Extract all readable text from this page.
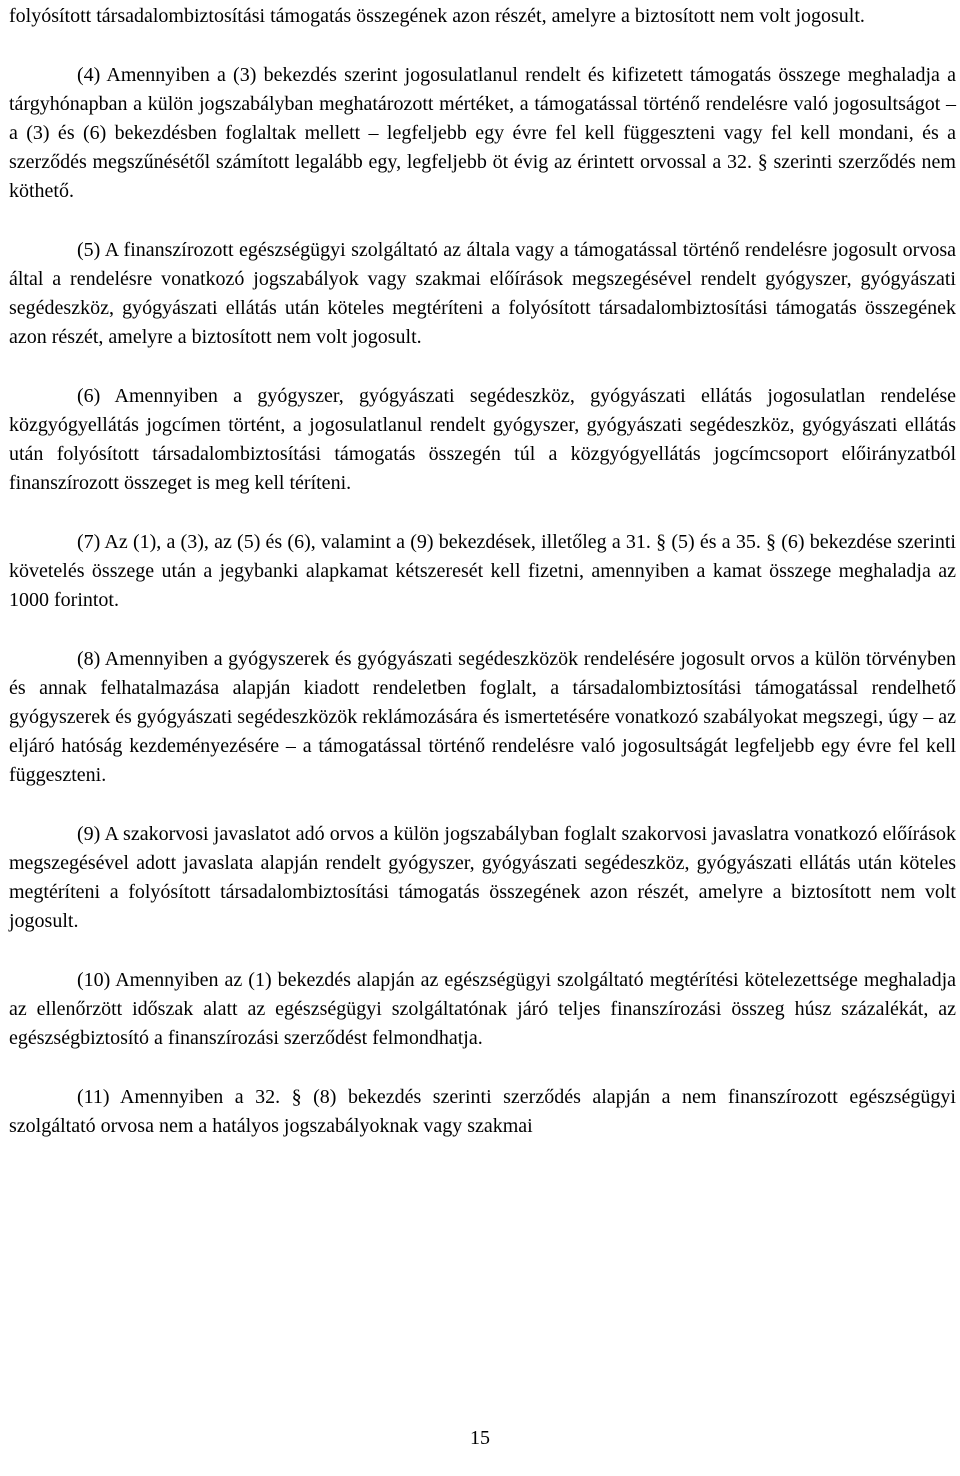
folyósított társadalombiztosítási támogatás összegének azon részét, amelyre a biztosított nem volt jogosult.

(4) Amennyiben a (3) bekezdés szerint jogosulatlanul rendelt és kifizetett támogatás összege meghaladja a tárgyhónapban a külön jogszabályban meghatározott mértéket, a támogatással történő rendelésre való jogosultságot – a (3) és (6) bekezdésben foglaltak mellett – legfeljebb egy évre fel kell függeszteni vagy fel kell mondani, és a szerződés megszűnésétől számított legalább egy, legfeljebb öt évig az érintett orvossal a 32. § szerinti szerződés nem köthető.

(5) A finanszírozott egészségügyi szolgáltató az általa vagy a támogatással történő rendelésre jogosult orvosa által a rendelésre vonatkozó jogszabályok vagy szakmai előírások megszegésével rendelt gyógyszer, gyógyászati segédeszköz, gyógyászati ellátás után köteles megtéríteni a folyósított társadalombiztosítási támogatás összegének azon részét, amelyre a biztosított nem volt jogosult.

(6) Amennyiben a gyógyszer, gyógyászati segédeszköz, gyógyászati ellátás jogosulatlan rendelése közgyógyellátás jogcímen történt, a jogosulatlanul rendelt gyógyszer, gyógyászati segédeszköz, gyógyászati ellátás után folyósított társadalombiztosítási támogatás összegén túl a közgyógyellátás jogcímcsoport előirányzatból finanszírozott összeget is meg kell téríteni.

(7) Az (1), a (3), az (5) és (6), valamint a (9) bekezdések, illetőleg a 31. § (5) és a 35. § (6) bekezdése szerinti követelés összege után a jegybanki alapkamat kétszeresét kell fizetni, amennyiben a kamat összege meghaladja az 1000 forintot.

(8) Amennyiben a gyógyszerek és gyógyászati segédeszközök rendelésére jogosult orvos a külön törvényben és annak felhatalmazása alapján kiadott rendeletben foglalt, a társadalombiztosítási támogatással rendelhető gyógyszerek és gyógyászati segédeszközök reklámozására és ismertetésére vonatkozó szabályokat megszegi, úgy – az eljáró hatóság kezdeményezésére – a támogatással történő rendelésre való jogosultságát legfeljebb egy évre fel kell függeszteni.

(9) A szakorvosi javaslatot adó orvos a külön jogszabályban foglalt szakorvosi javaslatra vonatkozó előírások megszegésével adott javaslata alapján rendelt gyógyszer, gyógyászati segédeszköz, gyógyászati ellátás után köteles megtéríteni a folyósított társadalombiztosítási támogatás összegének azon részét, amelyre a biztosított nem volt jogosult.

(10) Amennyiben az (1) bekezdés alapján az egészségügyi szolgáltató megtérítési kötelezettsége meghaladja az ellenőrzött időszak alatt az egészségügyi szolgáltatónak járó teljes finanszírozási összeg húsz százalékát, az egészségbiztosító a finanszírozási szerződést felmondhatja.

(11) Amennyiben a 32. § (8) bekezdés szerinti szerződés alapján a nem finanszírozott egészségügyi szolgáltató orvosa nem a hatályos jogszabályoknak vagy szakmai

15
